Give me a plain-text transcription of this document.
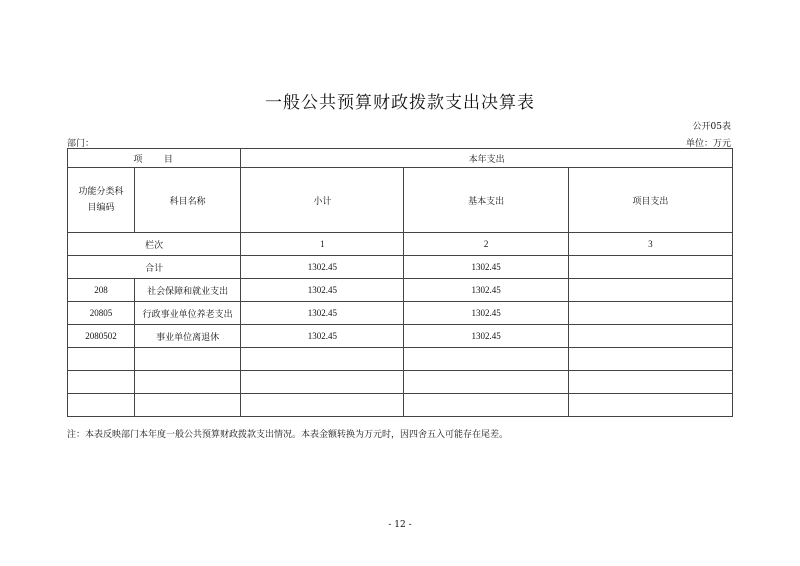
一般公共预算财政拨款支出决算表
公开05表
部门：	单位：万元
项    目		本年支出		
功能分类科目编码	科目名称	小计	基本支出	项目支出
栏次		1	2	3
合计		1302.45	1302.45	
208	社会保障和就业支出	1302.45	1302.45	
20805	行政事业单位养老支出	1302.45	1302.45	
2080502	事业单位离退休	1302.45	1302.45	

注：本表反映部门本年度一般公共预算财政拨款支出情况。本表金额转换为万元时，因四舍五入可能存在尾差。
- 12 -
